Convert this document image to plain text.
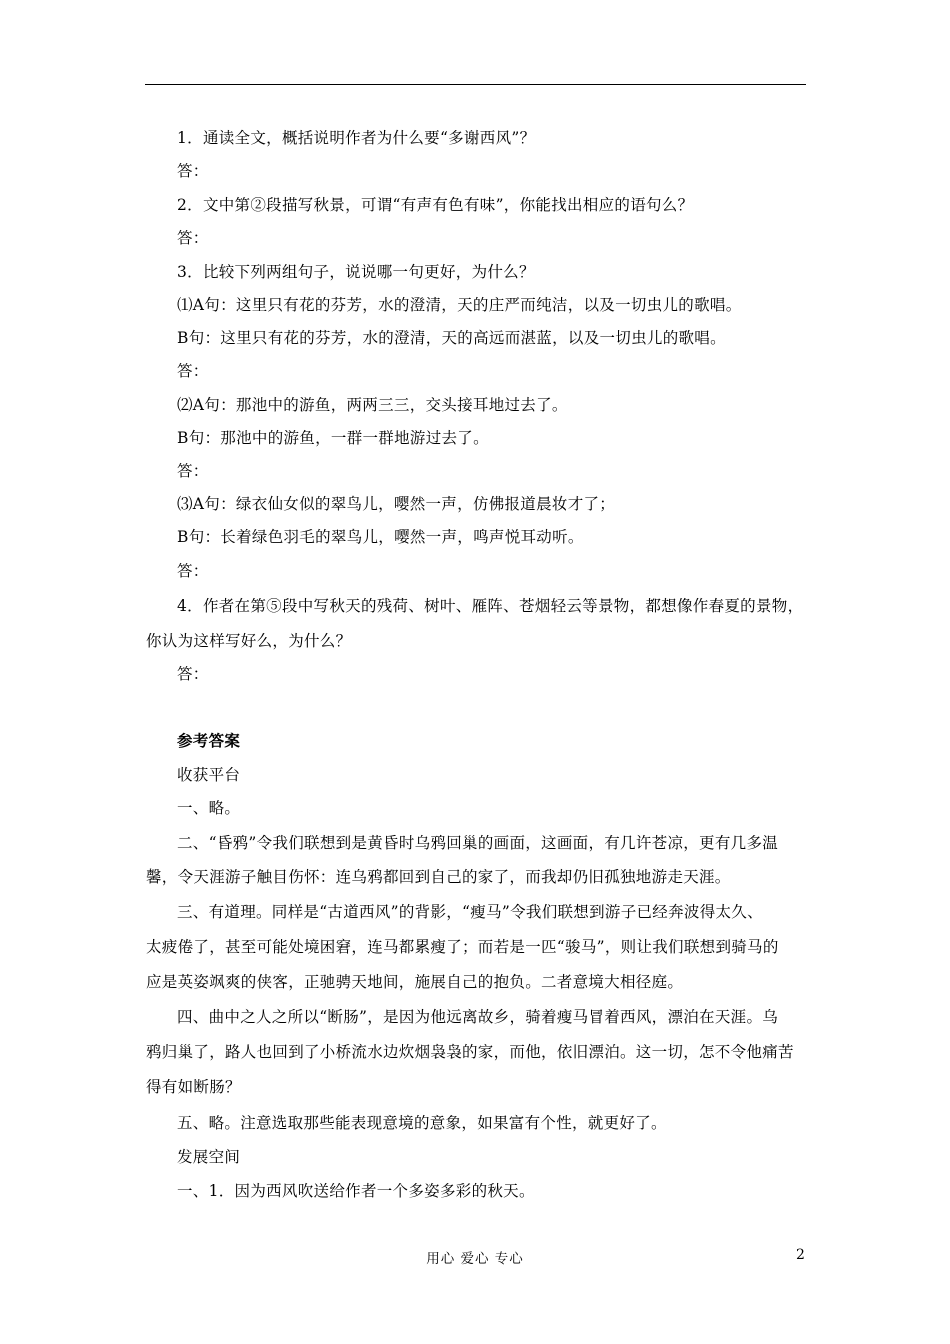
1．通读全文，概括说明作者为什么要“多谢西风”？
答：
2．文中第②段描写秋景，可谓“有声有色有味”，你能找出相应的语句么？
答：
3．比较下列两组句子，说说哪一句更好，为什么？
⑴A句：这里只有花的芬芳，水的澄清，天的庄严而纯洁，以及一切虫儿的歌唱。
B句：这里只有花的芬芳，水的澄清，天的高远而湛蓝，以及一切虫儿的歌唱。
答：
⑵A句：那池中的游鱼，两两三三，交头接耳地过去了。
B句：那池中的游鱼，一群一群地游过去了。
答：
⑶A句：绿衣仙女似的翠鸟儿，嘤然一声，仿佛报道晨妆才了；
B句：长着绿色羽毛的翠鸟儿，嘤然一声，鸣声悦耳动听。
答：
4．作者在第⑤段中写秋天的残荷、树叶、雁阵、苍烟轻云等景物，都想像作春夏的景物，
你认为这样写好么，为什么？
答：
参考答案
收获平台
一、略。
二、“昏鸦”令我们联想到是黄昏时乌鸦回巢的画面，这画面，有几许苍凉，更有几多温
馨，令天涯游子触目伤怀：连乌鸦都回到自己的家了，而我却仍旧孤独地游走天涯。
三、有道理。同样是“古道西风”的背影，“瘦马”令我们联想到游子已经奔波得太久、
太疲倦了，甚至可能处境困窘，连马都累瘦了；而若是一匹“骏马”，则让我们联想到骑马的
应是英姿飒爽的侠客，正驰骋天地间，施展自己的抱负。二者意境大相径庭。
四、曲中之人之所以“断肠”，是因为他远离故乡，骑着瘦马冒着西风，漂泊在天涯。乌
鸦归巢了，路人也回到了小桥流水边炊烟袅袅的家，而他，依旧漂泊。这一切，怎不令他痛苦
得有如断肠？
五、略。注意选取那些能表现意境的意象，如果富有个性，就更好了。
发展空间
一、1．因为西风吹送给作者一个多姿多彩的秋天。
用心 爱心 专心	2
